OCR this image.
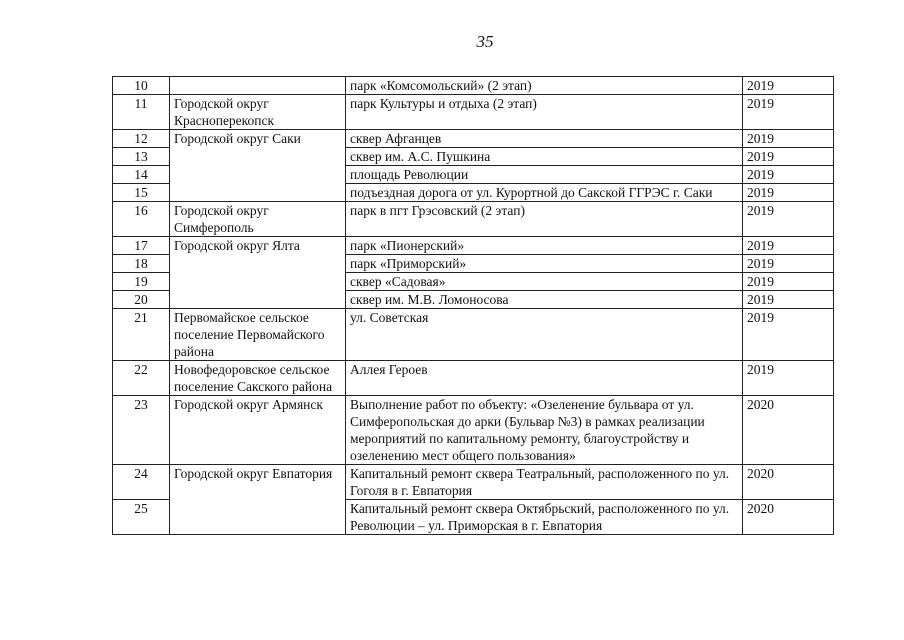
35
10		парк «Комсомольский» (2 этап)	2019
11	Городской округ Красноперекопск	парк Культуры и отдыха (2 этап)	2019
12	Городской округ Саки	сквер Афганцев	2019
13		сквер им. А.С. Пушкина	2019
14		площадь Революции	2019
15		подъездная дорога от ул. Курортной до Сакской ГГРЭС г. Саки	2019
16	Городской округ Симферополь	парк в пгт Грэсовский (2 этап)	2019
17	Городской округ Ялта	парк «Пионерский»	2019
18		парк «Приморский»	2019
19		сквер «Садовая»	2019
20		сквер им. М.В. Ломоносова	2019
21	Первомайское сельское поселение Первомайского района	ул. Советская	2019
22	Новофедоровское сельское поселение Сакского района	Аллея Героев	2019
23	Городской округ Армянск	Выполнение работ по объекту: «Озеленение бульвара от ул. Симферопольская до арки (Бульвар №3) в рамках реализации мероприятий по капитальному ремонту, благоустройству и озеленению мест общего пользования»	2020
24	Городской округ Евпатория	Капитальный ремонт сквера Театральный, расположенного по ул. Гоголя в г. Евпатория	2020
25		Капитальный ремонт сквера Октябрьский, расположенного по ул. Революции – ул. Приморская в г. Евпатория	2020
